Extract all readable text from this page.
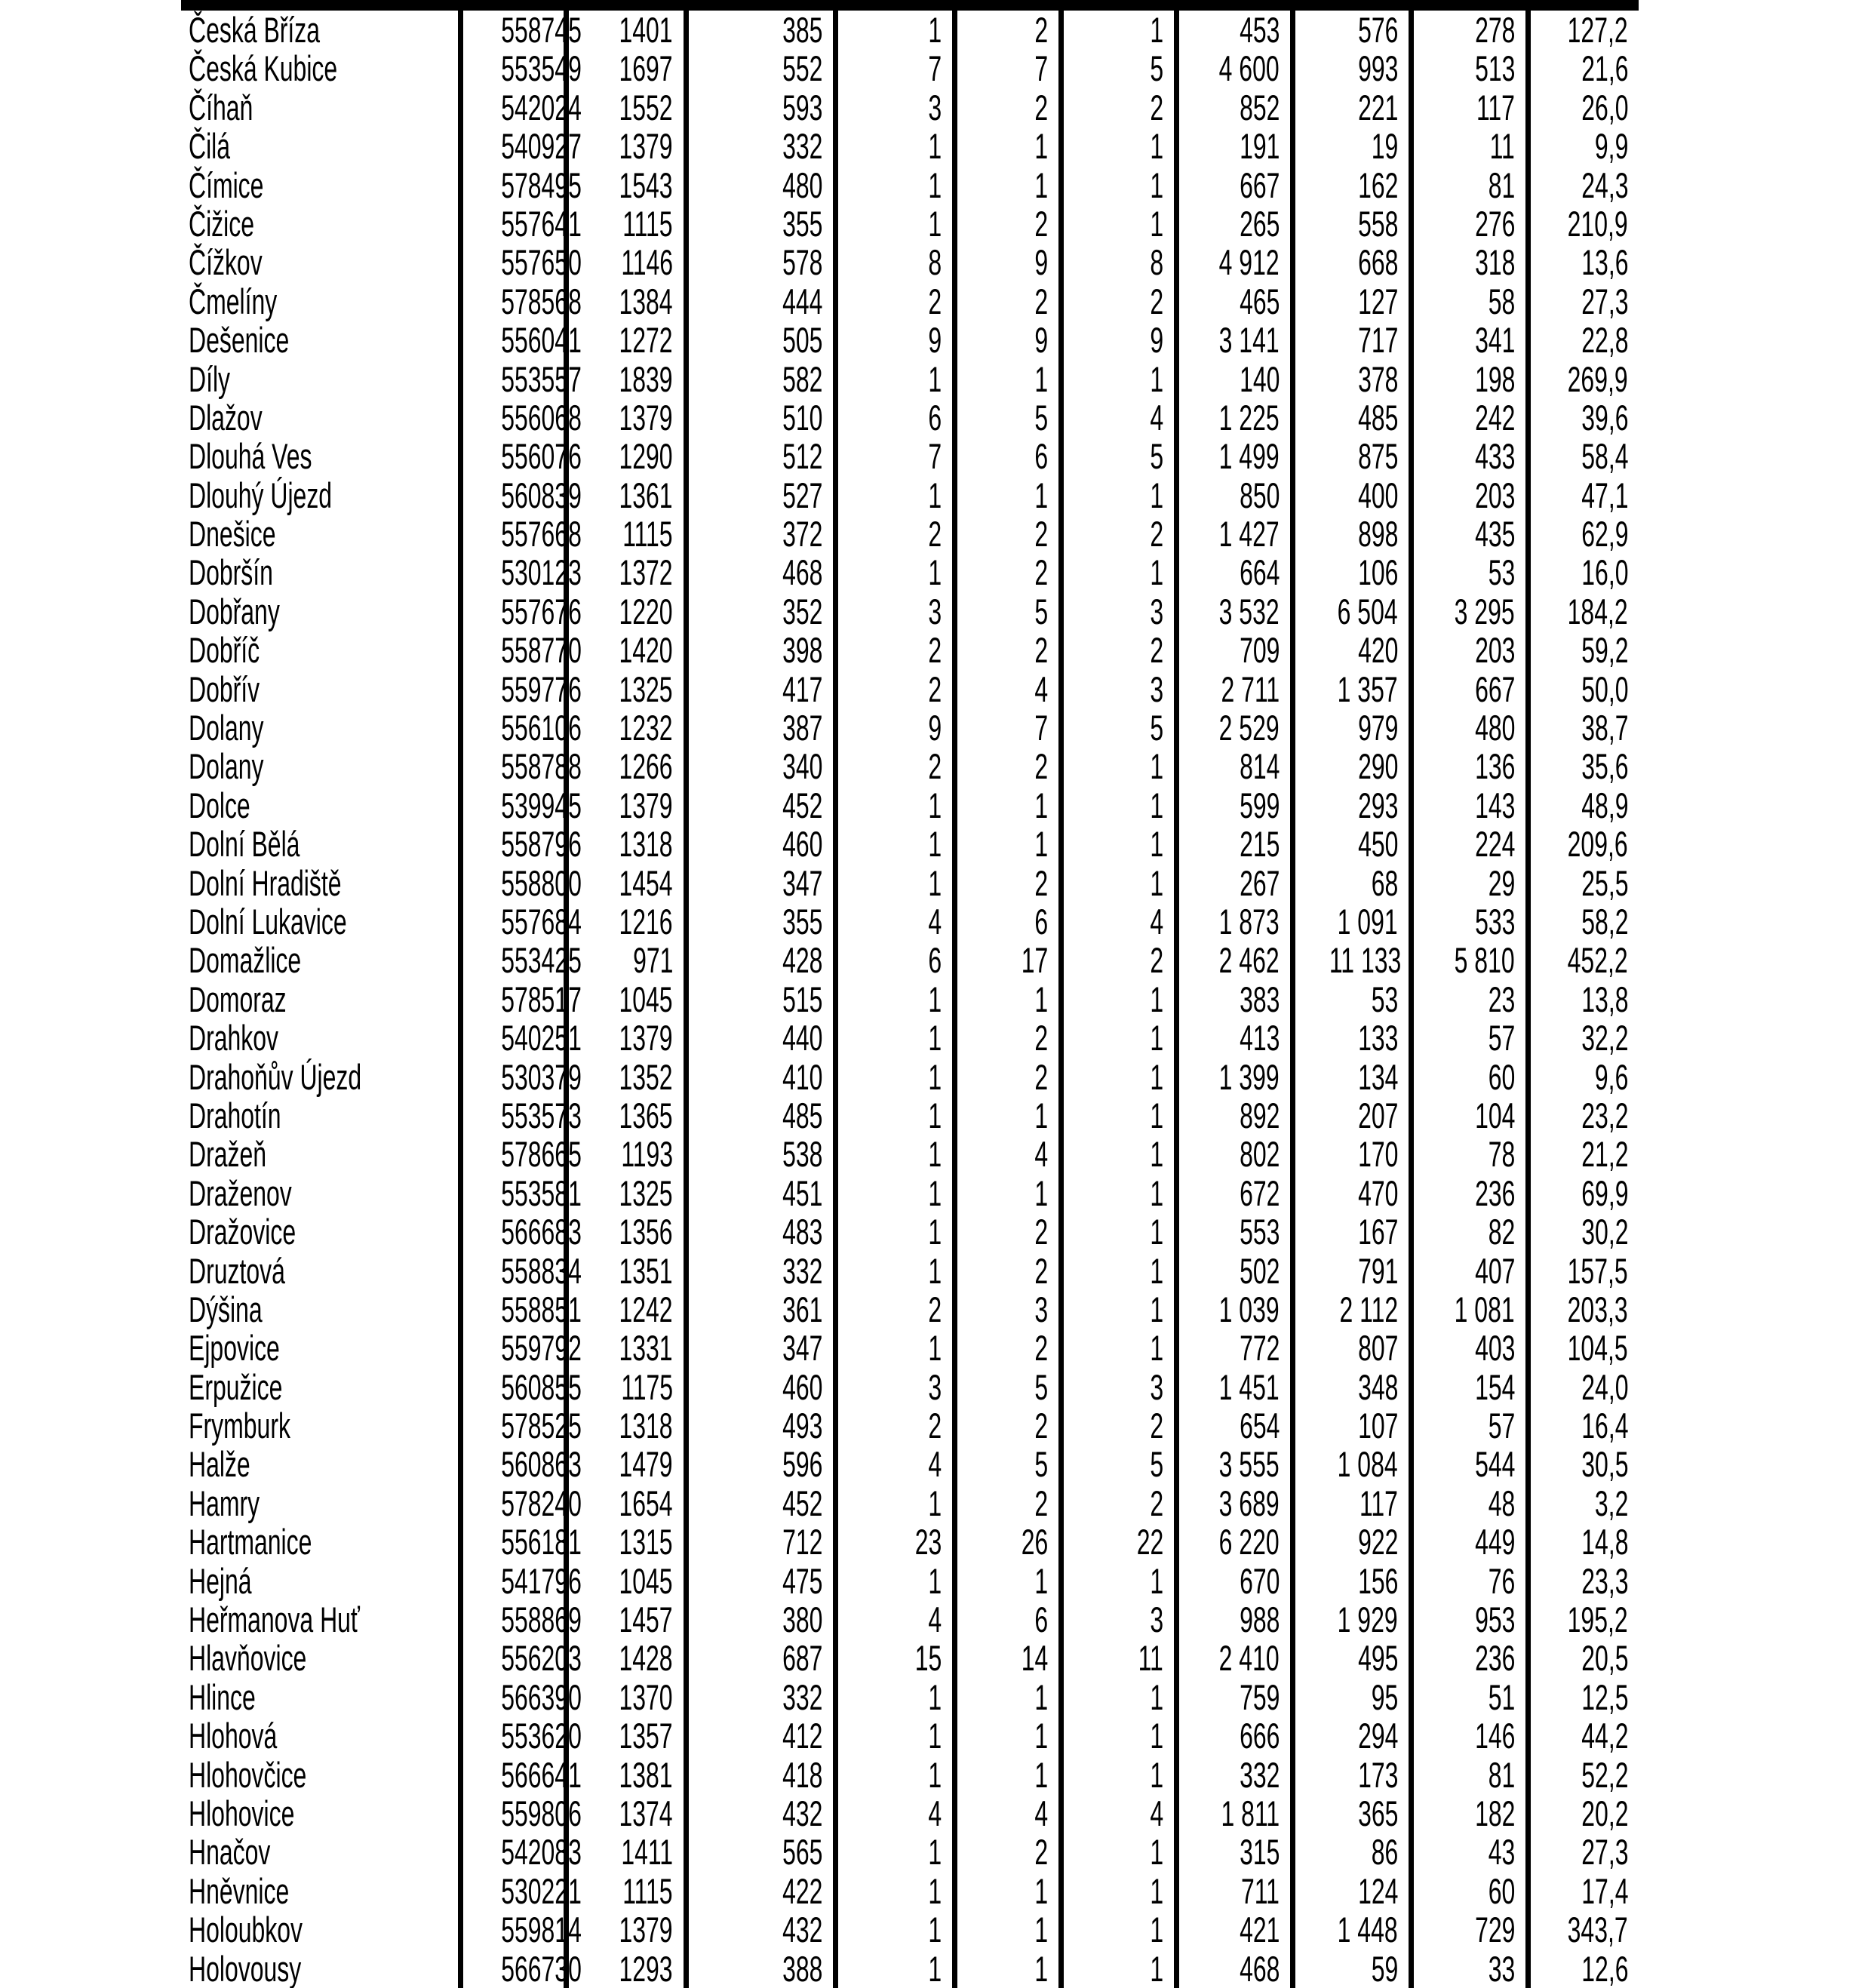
Česká Bříza	558745	1401	385	1	2	1	453	576	278	127,2
Česká Kubice	553549	1697	552	7	7	5	4 600	993	513	21,6
Číhaň	542024	1552	593	3	2	2	852	221	117	26,0
Čilá	540927	1379	332	1	1	1	191	19	11	9,9
Čímice	578495	1543	480	1	1	1	667	162	81	24,3
Čižice	557641	1115	355	1	2	1	265	558	276	210,9
Čížkov	557650	1146	578	8	9	8	4 912	668	318	13,6
Čmelíny	578568	1384	444	2	2	2	465	127	58	27,3
Dešenice	556041	1272	505	9	9	9	3 141	717	341	22,8
Díly	553557	1839	582	1	1	1	140	378	198	269,9
Dlažov	556068	1379	510	6	5	4	1 225	485	242	39,6
Dlouhá Ves	556076	1290	512	7	6	5	1 499	875	433	58,4
Dlouhý Újezd	560839	1361	527	1	1	1	850	400	203	47,1
Dnešice	557668	1115	372	2	2	2	1 427	898	435	62,9
Dobršín	530123	1372	468	1	2	1	664	106	53	16,0
Dobřany	557676	1220	352	3	5	3	3 532	6 504	3 295	184,2
Dobříč	558770	1420	398	2	2	2	709	420	203	59,2
Dobřív	559776	1325	417	2	4	3	2 711	1 357	667	50,0
Dolany	556106	1232	387	9	7	5	2 529	979	480	38,7
Dolany	558788	1266	340	2	2	1	814	290	136	35,6
Dolce	539945	1379	452	1	1	1	599	293	143	48,9
Dolní Bělá	558796	1318	460	1	1	1	215	450	224	209,6
Dolní Hradiště	558800	1454	347	1	2	1	267	68	29	25,5
Dolní Lukavice	557684	1216	355	4	6	4	1 873	1 091	533	58,2
Domažlice	553425	971	428	6	17	2	2 462	11 133	5 810	452,2
Domoraz	578517	1045	515	1	1	1	383	53	23	13,8
Drahkov	540251	1379	440	1	2	1	413	133	57	32,2
Drahoňův Újezd	530379	1352	410	1	2	1	1 399	134	60	9,6
Drahotín	553573	1365	485	1	1	1	892	207	104	23,2
Dražeň	578665	1193	538	1	4	1	802	170	78	21,2
Draženov	553581	1325	451	1	1	1	672	470	236	69,9
Dražovice	566683	1356	483	1	2	1	553	167	82	30,2
Druztová	558834	1351	332	1	2	1	502	791	407	157,5
Dýšina	558851	1242	361	2	3	1	1 039	2 112	1 081	203,3
Ejpovice	559792	1331	347	1	2	1	772	807	403	104,5
Erpužice	560855	1175	460	3	5	3	1 451	348	154	24,0
Frymburk	578525	1318	493	2	2	2	654	107	57	16,4
Halže	560863	1479	596	4	5	5	3 555	1 084	544	30,5
Hamry	578240	1654	452	1	2	2	3 689	117	48	3,2
Hartmanice	556181	1315	712	23	26	22	6 220	922	449	14,8
Hejná	541796	1045	475	1	1	1	670	156	76	23,3
Heřmanova Huť	558869	1457	380	4	6	3	988	1 929	953	195,2
Hlavňovice	556203	1428	687	15	14	11	2 410	495	236	20,5
Hlince	566390	1370	332	1	1	1	759	95	51	12,5
Hlohová	553620	1357	412	1	1	1	666	294	146	44,2
Hlohovčice	566641	1381	418	1	1	1	332	173	81	52,2
Hlohovice	559806	1374	432	4	4	4	1 811	365	182	20,2
Hnačov	542083	1411	565	1	2	1	315	86	43	27,3
Hněvnice	530221	1115	422	1	1	1	711	124	60	17,4
Holoubkov	559814	1379	432	1	1	1	421	1 448	729	343,7
Holovousy	566730	1293	388	1	1	1	468	59	33	12,6
